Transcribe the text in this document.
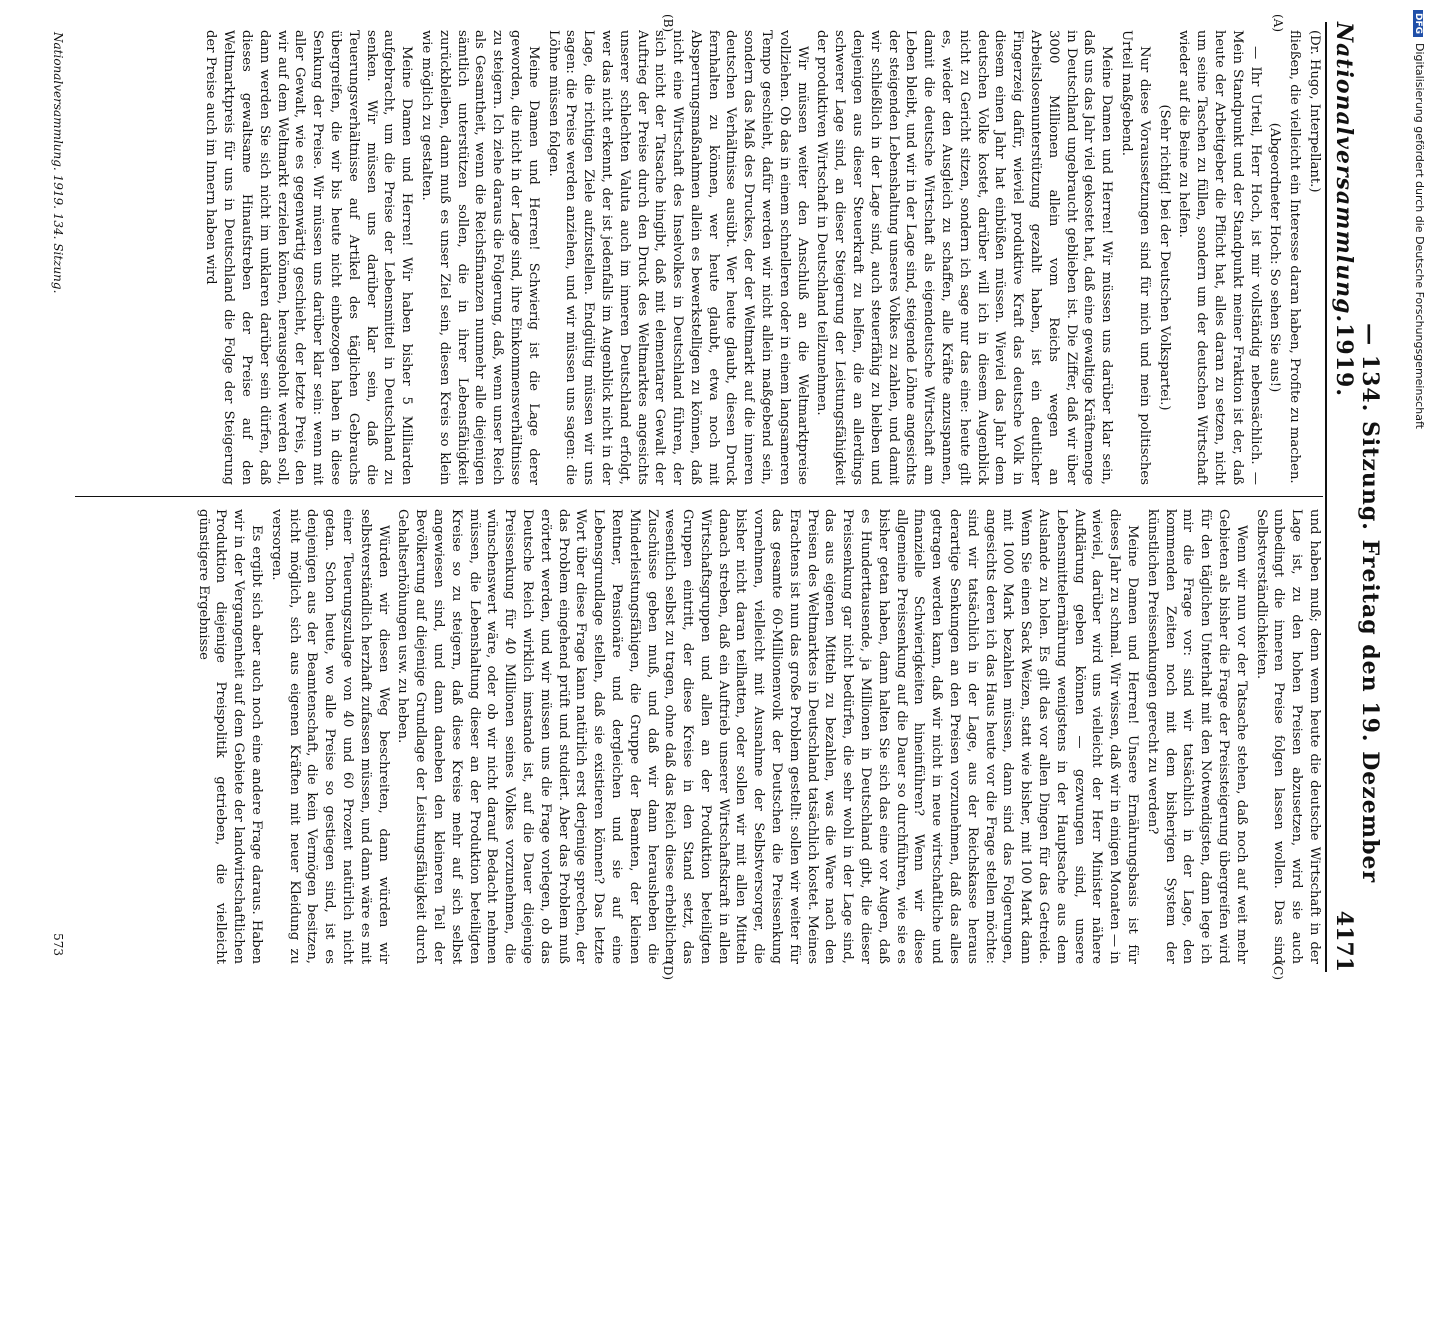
Nationalversammlung.
— 134. Sitzung. Freitag den 19. Dezember 1919.
4171

(Dr. Hugo, Interpellant.)

fließen, die vielleicht ein Interesse daran haben, Profite zu machen.

(Abgeordneter Hoch: So sehen Sie aus!)

— Ihr Urteil, Herr Hoch, ist mir vollständig nebensächlich. — Mein Standpunkt und der Standpunkt meiner Fraktion ist der, daß heute der Arbeitgeber die Pflicht hat, alles daran zu setzen, nicht um seine Taschen zu füllen, sondern um der deutschen Wirtschaft wieder auf die Beine zu helfen.

(Sehr richtig! bei der Deutschen Volkspartei.)

Nur diese Voraussetzungen sind für mich und mein politisches Urteil maßgebend.

Meine Damen und Herren! Wir müssen uns darüber klar sein, daß uns das Jahr viel gekostet hat, daß eine gewaltige Kräftemenge in Deutschland ungebraucht geblieben ist. Die Ziffer, daß wir über 3000 Millionen allein vom Reichs wegen an Arbeitslosenunterstützung gezahlt haben, ist ein deutlicher Fingerzeig dafür, wieviel produktive Kraft das deutsche Volk in diesem einen Jahr hat einbüßen müssen. Wieviel das Jahr dem deutschen Volke kostet, darüber will ich in diesem Augenblick nicht zu Gericht sitzen, sondern ich sage nur das eine: heute gilt es, wieder den Ausgleich zu schaffen, alle Kräfte anzuspannen, damit die deutsche Wirtschaft als eigendeutsche Wirtschaft am Leben bleibt, und wir in der Lage sind, steigende Löhne angesichts der steigenden Lebenshaltung unseres Volkes zu zahlen, und damit wir schließlich in der Lage sind, auch steuerfähig zu bleiben und denjenigen aus dieser Steuerkraft zu helfen, die an allerdings schwerer Lage sind, an dieser Steigerung der Leistungsfähigkeit der produktiven Wirtschaft in Deutschland teilzunehmen.

Wir müssen weiter den Anschluß an die Weltmarktpreise vollziehen. Ob das in einem schnelleren oder in einem langsameren Tempo geschieht, dafür werden wir nicht allein maßgebend sein, sondern das Maß des Druckes, der der Weltmarkt auf die inneren deutschen Verhältnisse ausübt. Wer heute glaubt, diesen Druck fernhalten zu können, wer heute glaubt, etwa noch mit Absperrungsmaßnahmen allein es bewerkstelligen zu können, daß nicht eine Wirtschaft des Inselvolkes in Deutschland führen, der sich nicht der Tatsache hingibt, daß mit elementarer Gewalt der Auftrieg der Preise durch den Druck des Weltmarktes angesichts unserer schlechten Valuta auch im inneren Deutschland erfolgt, wer das nicht erkennt, der ist jedenfalls im Augenblick nicht in der Lage, die richtigen Ziele aufzustellen. Endgültig müssen wir uns sagen: die Preise werden anziehen, und wir müssen uns sagen: die Löhne müssen folgen.

Meine Damen und Herren! Schwierig ist die Lage derer geworden, die nicht in der Lage sind, ihre Einkommensverhältnisse zu steigern. Ich ziehe daraus die Folgerung, daß, wenn unser Reich als Gesamtheit, wenn die Reichsfinanzen nunmehr alle diejenigen sämtlich unterstützen sollen, die in ihrer Lebensfähigkeit zurückbleiben, dann muß es unser Ziel sein, diesen Kreis so klein wie möglich zu gestalten.

Meine Damen und Herren! Wir haben bisher 5 Milliarden aufgebracht, um die Preise der Lebensmittel in Deutschland zu senken. Wir müssen uns darüber klar sein, daß die Teuerungsverhältnisse auf Artikel des täglichen Gebrauchs übergreifen, die wir bis heute nicht einbezogen haben in diese Senkung der Preise. Wir müssen uns darüber klar sein: wenn mit aller Gewalt, wie es gegenwärtig geschieht, der letzte Preis, den wir auf dem Weltmarkt erzielen können, herausgeholt werden soll, dann werden Sie sich nicht im unklaren darüber sein dürfen, daß dieses gewaltsame Hinaufstreben der Preise auf den Weltmarktpreis für uns in Deutschland die Folge der Steigerung der Preise auch im Innern haben wird

und haben muß; denn wenn heute die deutsche Wirtschaft in der Lage ist, zu den hohen Preisen abzusetzen, wird sie auch unbedingt die inneren Preise folgen lassen wollen. Das sind Selbstverständlichkeiten.

Wenn wir nun vor der Tatsache stehen, daß noch auf weit mehr Gebieten als bisher die Frage der Preissteigerung übergreifen wird für den täglichen Unterhalt mit den Notwendigsten, dann lege ich mir die Frage vor: sind wir tatsächlich in der Lage, den kommenden Zeiten noch mit dem bisherigen System der künstlichen Preissenkungen gerecht zu werden?

Meine Damen und Herren! Unsere Ernährungsbasis ist für dieses Jahr zu schmal. Wir wissen, daß wir in einigen Monaten — in wieviel, darüber wird uns vielleicht der Herr Minister nähere Aufklärung geben können — gezwungen sind, unsere Lebensmittelernährung wenigstens in der Hauptsache aus dem Auslande zu holen. Es gilt das vor allen Dingen für das Getreide. Wenn Sie einen Sack Weizen, statt wie bisher, mit 100 Mark dann mit 1000 Mark bezahlen müssen, dann sind das Folgerungen, angesichts deren ich das Haus heute vor die Frage stellen möchte: sind wir tatsächlich in der Lage, aus der Reichskasse heraus derartige Senkungen an den Preisen vorzunehmen, daß das alles getragen werden kann, daß wir nicht in neue wirtschaftliche und finanzielle Schwierigkeiten hineinführen? Wenn wir diese allgemeine Preissenkung auf die Dauer so durchführen, wie sie es bisher getan haben, dann halten Sie sich das eine vor Augen, daß es Hunderttausende, ja Millionen in Deutschland gibt, die dieser Preissenkung gar nicht bedürfen, die sehr wohl in der Lage sind, das aus eigenen Mitteln zu bezahlen, was die Ware nach den Preisen des Weltmarktes in Deutschland tatsächlich kostet. Meines Erachtens ist nun das große Problem gestellt: sollen wir weiter für das gesamte 60-Millionenvolk der Deutschen die Preissenkung vornehmen, vielleicht mit Ausnahme der Selbstversorger, die bisher nicht daran teilhatten, oder sollen wir mit allen Mitteln danach streben, daß ein Auftrieb unserer Wirtschaftskraft in allen Wirtschaftsgruppen und allen an der Produktion beteiligten Gruppen eintritt, der diese Kreise in den Stand setzt, das wesentlich selbst zu tragen, ohne daß das Reich diese erheblichen Zuschüsse geben muß, und daß wir dann herausheben die Minderleistungsfähigen, die Gruppe der Beamten, der kleinen Rentner, Pensionäre und dergleichen und sie auf eine Lebensgrundlage stellen, daß sie existieren können? Das letzte Wort über diese Frage kann natürlich erst derjenige sprechen, der das Problem eingehend prüft und studiert. Aber das Problem muß erörtert werden, und wir müssen uns die Frage vorlegen, ob das Deutsche Reich wirklich imstande ist, auf die Dauer diejenige Preissenkung für 40 Millionen seines Volkes vorzunehmen, die wünschenswert wäre, oder ob wir nicht darauf Bedacht nehmen müssen, die Lebenshaltung dieser an der Produktion beteiligten Kreise so zu steigern, daß diese Kreise mehr auf sich selbst angewiesen sind, und dann daneben den kleineren Teil der Bevölkerung auf diejenige Grundlage der Leistungsfähigkeit durch Gehaltserhöhungen usw. zu heben.

Würden wir diesen Weg beschreiten, dann würden wir selbstverständlich herzhaft zufassen müssen, und dann wäre es mit einer Teuerungszulage von 40 und 60 Prozent natürlich nicht getan. Schon heute, wo alle Preise so gestiegen sind, ist es denjenigen aus der Beamtenschaft, die kein Vermögen besitzen, nicht möglich, sich aus eigenen Kräften mit neuer Kleidung zu versorgen.

Es ergibt sich aber auch noch eine andere Frage daraus. Haben wir in der Vergangenheit auf dem Gebiete der landwirtschaftlichen Produktion diejenige Preispolitik getrieben, die vielleicht günstigere Ergebnisse

(A)
(B)
(C)
(D)
Nationalversammlung. 1919. 134. Sitzung.
573
DFGDigitalisierung gefördert durch die Deutsche Forschungsgemeinschaft
